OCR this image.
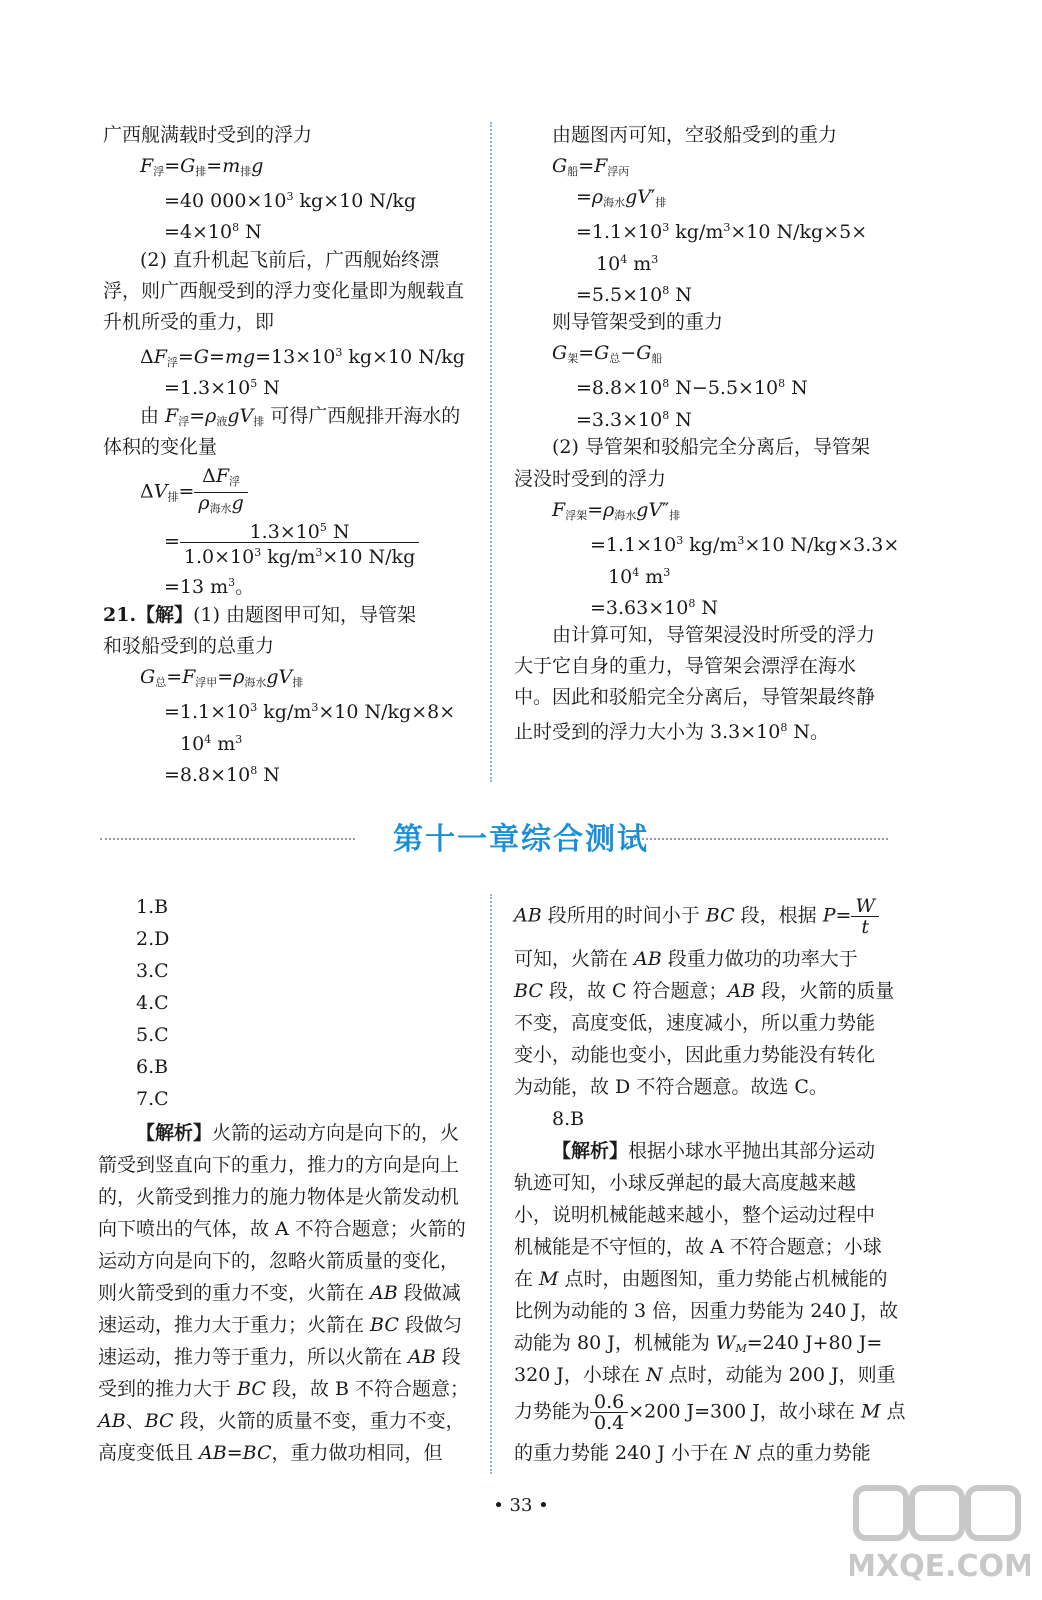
广西舰满载时受到的浮力
$F_浮=G_排=m_排g$
=40 $000\times 10^3$ kg×10 N/kg
$=4\times 10^8$ N
(2) 直升机起飞前后，广西舰始终漂
浮，则广西舰受到的浮力变化量即为舰载直
升机所受的重力，即
$\Delta F_浮=G=mg=13\times 10^3$ kg×10 N/kg
$=1.3\times 10^5$ N
由 $F_浮=\rho_液gV_排$ 可得广西舰排开海水的
体积的变化量
$\Delta V_排= \frac{\Delta F_浮}{\rho_{海水}g}$
= $\frac{1.3\times 10^5 N}{1.0\times 10^3 kg/m^3\times 10 N/kg}$
=13 $m^3$。
21.【解】(1) 由题图甲可知，导管架
和驳船受到的总重力
$G_总=F_{浮甲}=\rho_{海水}gV_排$
$=1.1\times 10^3$ $kg/m^3\times 10$ N/kg×8×
$10^4$ $m^3$
$=8.8\times 10^8$ N
由题图丙可知，空驳船受到的重力
$G_船=F_{浮丙}$
$=\rho_{海水}gV'_排$
$=1.1\times 10^3$ $kg/m^3\times 10$ N/kg×5×
$10^4$ $m^3$
$=5.5\times 10^8$ N
则导管架受到的重力
$G_架=G_总-G_船$
$=8.8\times 10^8$ $N-5.5\times 10^8$ N
$=3.3\times 10^8$ N
(2) 导管架和驳船完全分离后，导管架
浸没时受到的浮力
$F_{浮架}=\rho_{海水}gV''_排$
$=1.1\times 10^3$ $kg/m^3\times 10$ N/kg×3.3×
$10^4$ $m^3$
$=3.63\times 10^8$ N
由计算可知，导管架浸没时所受的浮力
大于它自身的重力，导管架会漂浮在海水
中。因此和驳船完全分离后，导管架最终静
止时受到的浮力大小为 $3.3\times 10^8$ N。
第十一章综合测试
1.B
2.D
3.C
4.C
5.C
6.B
7.C
【解析】火箭的运动方向是向下的，火
箭受到竖直向下的重力，推力的方向是向上
的，火箭受到推力的施力物体是火箭发动机
向下喷出的气体，故 A 不符合题意；火箭的
运动方向是向下的，忽略火箭质量的变化，
则火箭受到的重力不变，火箭在 AB 段做减
速运动，推力大于重力；火箭在 BC 段做匀
速运动，推力等于重力，所以火箭在 AB 段
受到的推力大于 BC 段，故 B 不符合题意；
AB、BC 段，火箭的质量不变，重力不变，
高度变低且 AB=BC，重力做功相同，但
AB 段所用的时间小于 BC 段，根据 $P= \frac{W}{t}$
可知，火箭在 AB 段重力做功的功率大于
BC 段，故 C 符合题意；AB 段，火箭的质量
不变，高度变低，速度减小，所以重力势能
变小，动能也变小，因此重力势能没有转化
为动能，故 D 不符合题意。故选 C。
8.B
【解析】根据小球水平抛出其部分运动
轨迹可知，小球反弹起的最大高度越来越
小，说明机械能越来越小，整个运动过程中
机械能是不守恒的，故 A 不符合题意；小球
在 M 点时，由题图知，重力势能占机械能的
比例为动能的 3 倍，因重力势能为 240 J，故
动能为 80 J，机械能为 $W_M=240$ J+80 J=
320 J，小球在 N 点时，动能为 200 J，则重
力势能为 $\frac{0.6}{0.4} \times 200$ J=300 J，故小球在 M 点
的重力势能 240 J 小于在 N 点的重力势能
• 33 •
MXQE.COM
